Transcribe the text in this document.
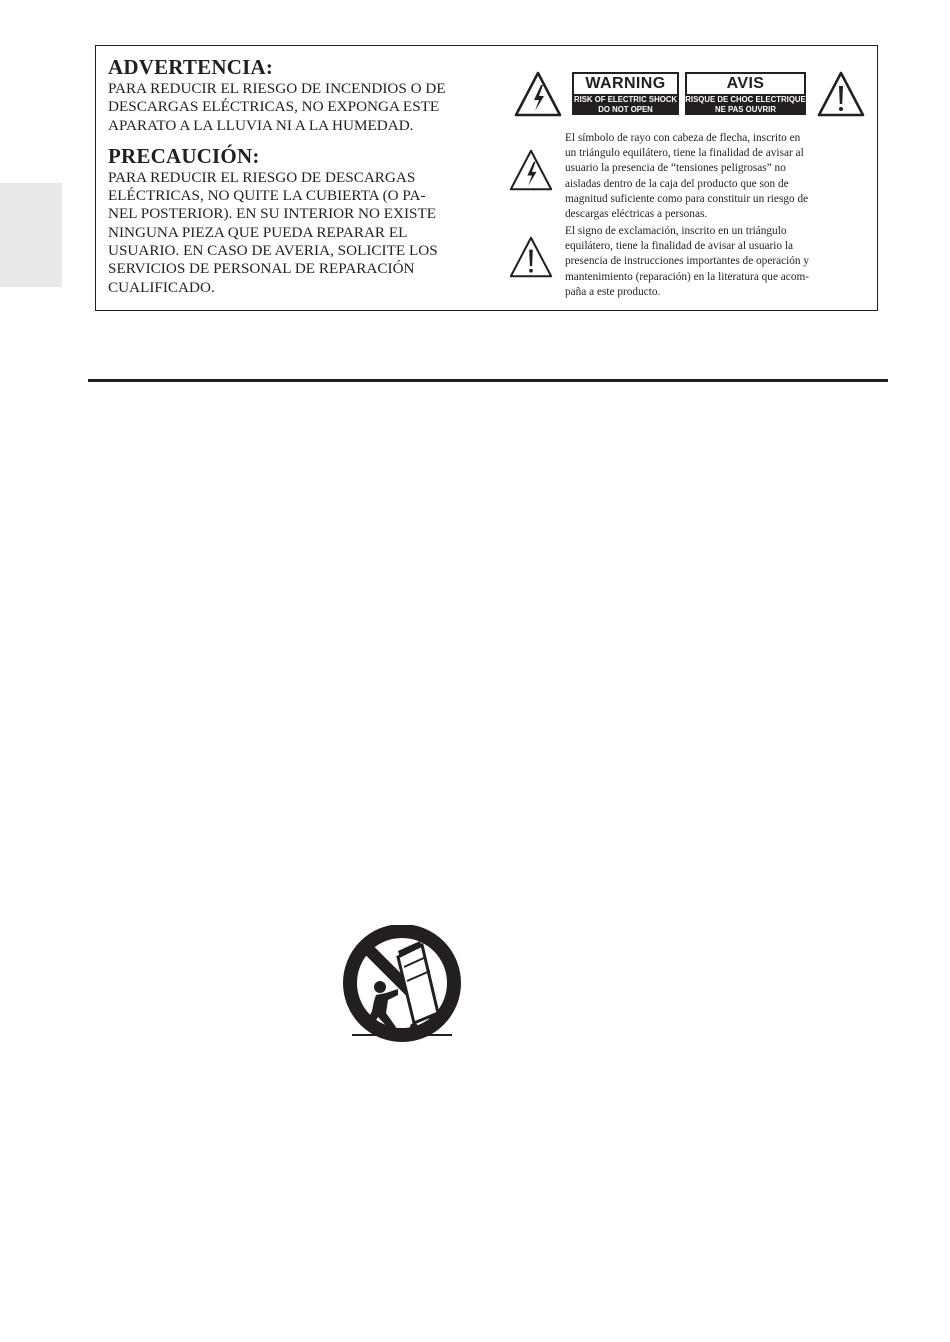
ADVERTENCIA:

PARA REDUCIR EL RIESGO DE INCENDIOS O DE
DESCARGAS ELÉCTRICAS, NO EXPONGA ESTE
APARATO A LA LLUVIA NI A LA HUMEDAD.

PRECAUCIÓN:

PARA REDUCIR EL RIESGO DE DESCARGAS
ELÉCTRICAS, NO QUITE LA CUBIERTA (O PA-
NEL POSTERIOR). EN SU INTERIOR NO EXISTE
NINGUNA PIEZA QUE PUEDA REPARAR EL
USUARIO. EN CASO DE AVERIA, SOLICITE LOS
SERVICIOS DE PERSONAL DE REPARACIÓN
CUALIFICADO.
WARNING
RISK OF ELECTRIC SHOCK
DO NOT OPEN
AVIS
RISQUE DE CHOC ELECTRIQUE
NE PAS OUVRIR
El símbolo de rayo con cabeza de flecha, inscrito en
un triángulo equilátero, tiene la finalidad de avisar al
usuario la presencia de “tensiones peligrosas” no
aisladas dentro de la caja del producto que son de
magnitud suficiente como para constituir un riesgo de
descargas eléctricas a personas.
El signo de exclamación, inscrito en un triángulo
equilátero, tiene la finalidad de avisar al usuario la
presencia de instrucciones importantes de operación y
mantenimiento (reparación) en la literatura que acom-
paña a este producto.
